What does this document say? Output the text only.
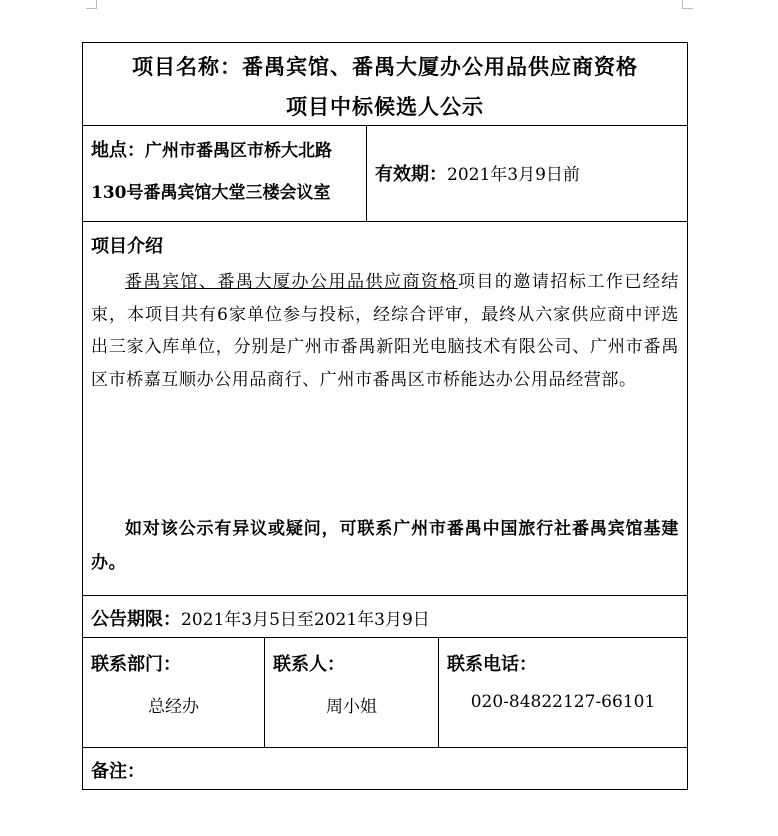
项目名称：番禺宾馆、番禺大厦办公用品供应商资格
项目中标候选人公示
地点：广州市番禺区市桥大北路
130号番禺宾馆大堂三楼会议室
有效期：2021年3月9日前
项目介绍
番禺宾馆、番禺大厦办公用品供应商资格项目的邀请招标工作已经结束，本项目共有6家单位参与投标，经综合评审，最终从六家供应商中评选出三家入库单位，分别是广州市番禺新阳光电脑技术有限公司、广州市番禺区市桥嘉互顺办公用品商行、广州市番禺区市桥能达办公用品经营部。
如对该公示有异议或疑问，可联系广州市番禺中国旅行社番禺宾馆基建办。
公告期限：2021年3月5日至2021年3月9日
联系部门：
总经办
联系人：
周小姐
联系电话：
020-84822127-66101
备注：
